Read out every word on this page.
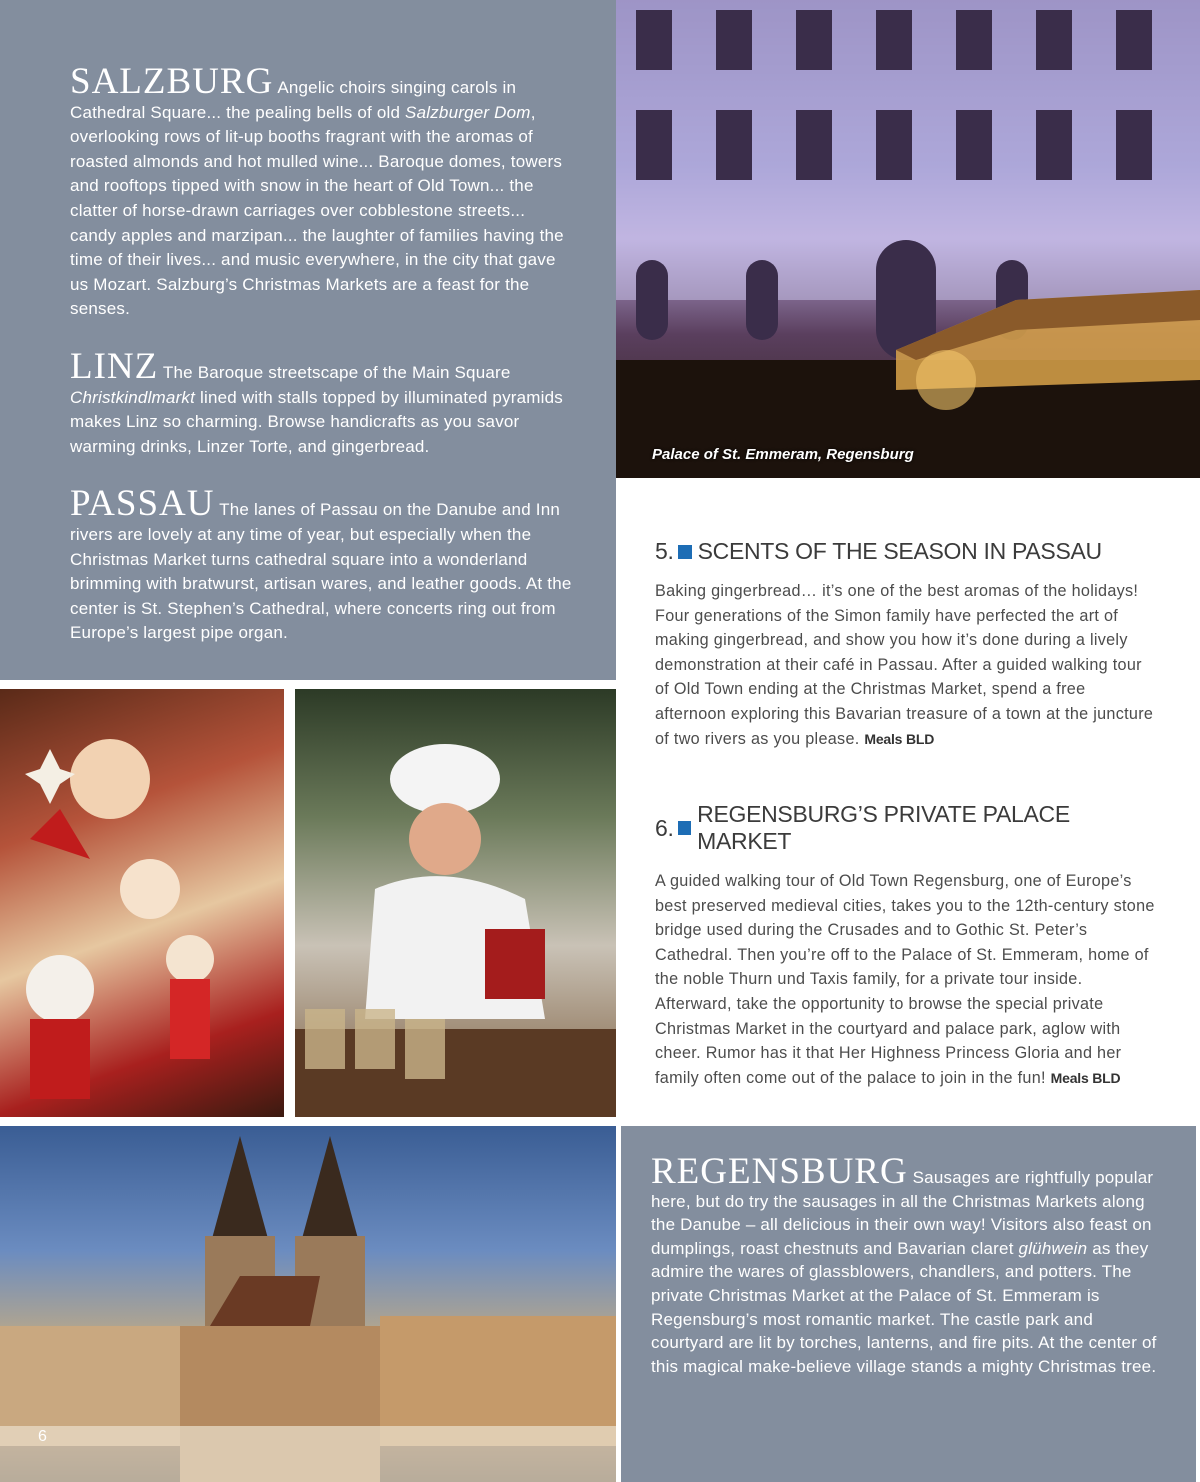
SALZBURG Angelic choirs singing carols in Cathedral Square... the pealing bells of old Salzburger Dom, overlooking rows of lit-up booths fragrant with the aromas of roasted almonds and hot mulled wine... Baroque domes, towers and rooftops tipped with snow in the heart of Old Town... the clatter of horse-drawn carriages over cobblestone streets... candy apples and marzipan... the laughter of families having the time of their lives... and music everywhere, in the city that gave us Mozart. Salzburg’s Christmas Markets are a feast for the senses.

LINZ The Baroque streetscape of the Main Square Christkindlmarkt lined with stalls topped by illuminated pyramids makes Linz so charming. Browse handicrafts as you savor warming drinks, Linzer Torte, and gingerbread.

PASSAU The lanes of Passau on the Danube and Inn rivers are lovely at any time of year, but especially when the Christmas Market turns cathedral square into a wonderland brimming with bratwurst, artisan wares, and leather goods. At the center is St. Stephen’s Cathedral, where concerts ring out from Europe’s largest pipe organ.

Palace of St. Emmeram, Regensburg
5. SCENTS OF THE SEASON IN PASSAU

Baking gingerbread… it’s one of the best aromas of the holidays! Four generations of the Simon family have perfected the art of making gingerbread, and show you how it’s done during a lively demonstration at their café in Passau. After a guided walking tour of Old Town ending at the Christmas Market, spend a free afternoon exploring this Bavarian treasure of a town at the juncture of two rivers as you please. Meals BLD

6.
REGENSBURG’S PRIVATE PALACE MARKET

A guided walking tour of Old Town Regensburg, one of Europe’s best preserved medieval cities, takes you to the 12th-century stone bridge used during the Crusades and to Gothic St. Peter’s Cathedral. Then you’re off to the Palace of St. Emmeram, home of the noble Thurn und Taxis family, for a private tour inside. Afterward, take the opportunity to browse the special private Christmas Market in the courtyard and palace park, aglow with cheer. Rumor has it that Her Highness Princess Gloria and her family often come out of the palace to join in the fun! Meals BLD

6

REGENSBURG Sausages are rightfully popular here, but do try the sausages in all the Christmas Markets along the Danube – all delicious in their own way! Visitors also feast on dumplings, roast chestnuts and Bavarian claret glühwein as they admire the wares of glassblowers, chandlers, and potters. The private Christmas Market at the Palace of St. Emmeram is Regensburg’s most romantic market. The castle park and courtyard are lit by torches, lanterns, and fire pits. At the center of this magical make-believe village stands a mighty Christmas tree.
